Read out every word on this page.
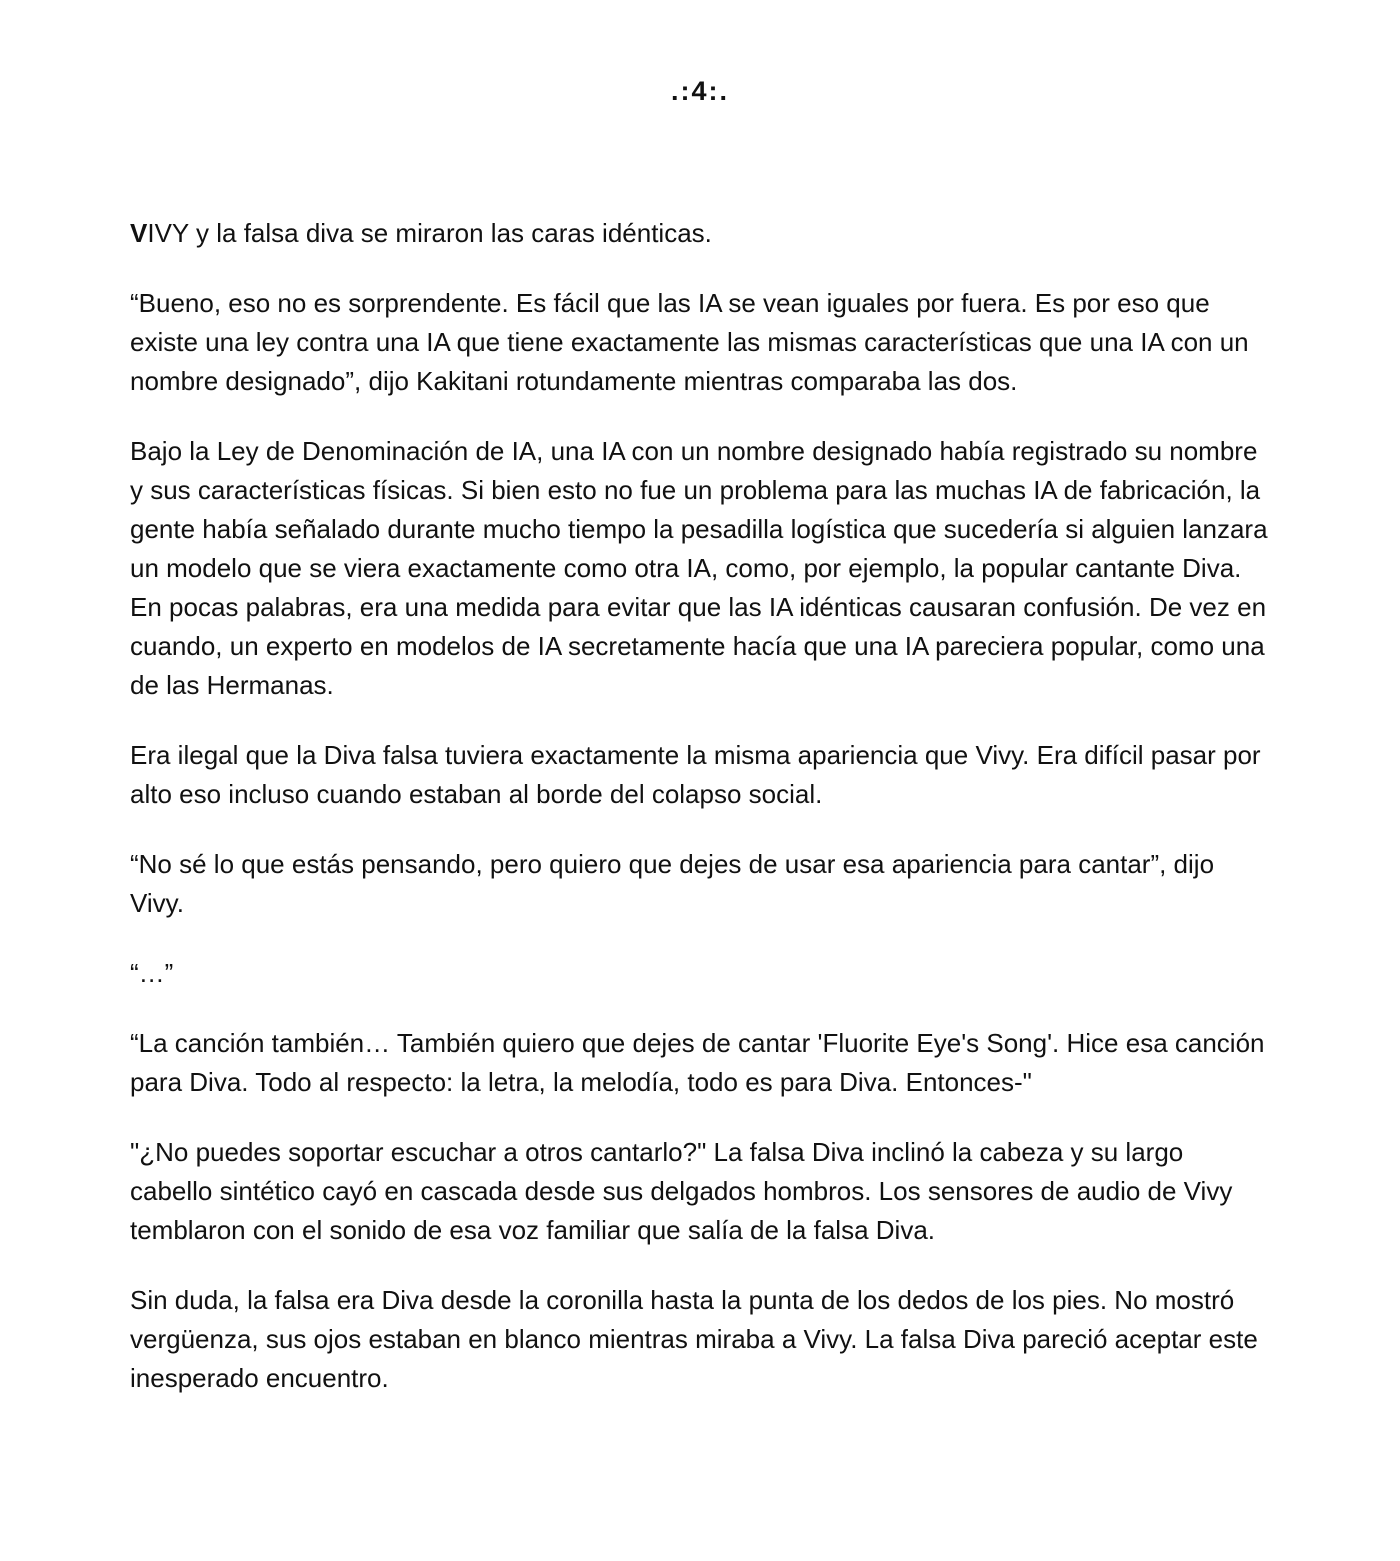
.:4:.

VIVY y la falsa diva se miraron las caras idénticas.

“Bueno, eso no es sorprendente. Es fácil que las IA se vean iguales por fuera. Es por eso que existe una ley contra una IA que tiene exactamente las mismas características que una IA con un nombre designado”, dijo Kakitani rotundamente mientras comparaba las dos.

Bajo la Ley de Denominación de IA, una IA con un nombre designado había registrado su nombre y sus características físicas. Si bien esto no fue un problema para las muchas IA de fabricación, la gente había señalado durante mucho tiempo la pesadilla logística que sucedería si alguien lanzara un modelo que se viera exactamente como otra IA, como, por ejemplo, la popular cantante Diva. En pocas palabras, era una medida para evitar que las IA idénticas causaran confusión. De vez en cuando, un experto en modelos de IA secretamente hacía que una IA pareciera popular, como una de las Hermanas.

Era ilegal que la Diva falsa tuviera exactamente la misma apariencia que Vivy. Era difícil pasar por alto eso incluso cuando estaban al borde del colapso social.

“No sé lo que estás pensando, pero quiero que dejes de usar esa apariencia para cantar”, dijo Vivy.

“…”

“La canción también… También quiero que dejes de cantar 'Fluorite Eye's Song'. Hice esa canción para Diva. Todo al respecto: la letra, la melodía, todo es para Diva. Entonces-"

"¿No puedes soportar escuchar a otros cantarlo?" La falsa Diva inclinó la cabeza y su largo cabello sintético cayó en cascada desde sus delgados hombros. Los sensores de audio de Vivy temblaron con el sonido de esa voz familiar que salía de la falsa Diva.

Sin duda, la falsa era Diva desde la coronilla hasta la punta de los dedos de los pies. No mostró vergüenza, sus ojos estaban en blanco mientras miraba a Vivy. La falsa Diva pareció aceptar este inesperado encuentro.
